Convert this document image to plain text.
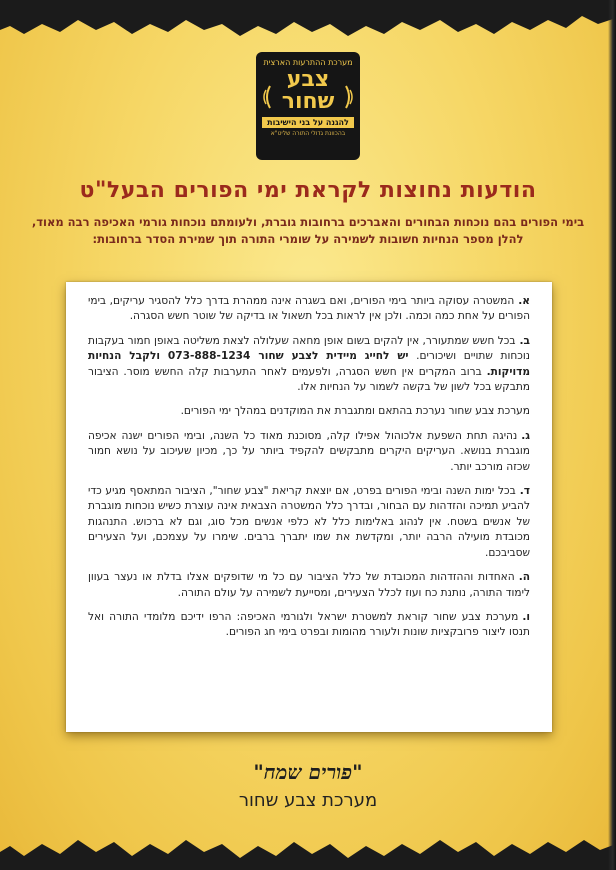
מערכת ההתרעות הארצית
צבע
שחור
להגנה על בני הישיבות
בהכוונת גדולי התורה שליט"א
הודעות נחוצות לקראת ימי הפורים הבעל"ט
בימי הפורים בהם נוכחות הבחורים והאברכים ברחובות גוברת, ולעומתם נוכחות גורמי האכיפה רבה מאוד, להלן מספר הנחיות חשובות לשמירה על שומרי התורה תוך שמירת הסדר ברחובות:
א.המשטרה עסוקה ביותר בימי הפורים, ואם בשגרה אינה ממהרת בדרך כלל להסגיר עריקים, בימי הפורים על אחת כמה וכמה. ולכן אין לראות בכל תשאול או בדיקה של שוטר חשש הסגרה.
ב.בכל חשש שמתעורר, אין להקים בשום אופן מחאה שעלולה לצאת משליטה באופן חמור בעקבות נוכחות שתויים ושיכורים. יש לחייג מיידית לצבע שחור 073-888-1234 ולקבל הנחיות מדויקות. ברוב המקרים אין חשש הסגרה, ולפעמים לאחר התערבות קלה החשש מוסר. הציבור מתבקש בכל לשון של בקשה לשמור על הנחיות אלו.
מערכת צבע שחור נערכת בהתאם ומתגברת את המוקדנים במהלך ימי הפורים.
ג.נהיגה תחת השפעת אלכוהול אפילו קלה, מסוכנת מאוד כל השנה, ובימי הפורים ישנה אכיפה מוגברת בנושא. העריקים היקרים מתבקשים להקפיד ביותר על כך, מכיון שעיכוב על נושא חמור שכזה מורכב יותר.
ד.בכל ימות השנה ובימי הפורים בפרט, אם יוצאת קריאת "צבע שחור", הציבור המתאסף מגיע כדי להביע תמיכה והזדהות עם הבחור, ובדרך כלל המשטרה הצבאית אינה עוצרת כשיש נוכחות מוגברת של אנשים בשטח. אין לנהוג באלימות כלל לא כלפי אנשים מכל סוג, וגם לא ברכוש. התנהגות מכובדת מועילה הרבה יותר, ומקדשת את שמו יתברך ברבים. שימרו על עצמכם, ועל הצעירים שסביבכם.
ה.האחדות וההזדהות המכובדת של כלל הציבור עם כל מי שדופקים אצלו בדלת או נעצר בעוון לימוד התורה, נותנת כח ועוז לכלל הצעירים, ומסייעת לשמירה על עולם התורה.
ו.מערכת צבע שחור קוראת למשטרת ישראל ולגורמי האכיפה: הרפו ידיכם מלומדי התורה ואל תנסו ליצור פרובקציות שונות ולעורר מהומות ובפרט בימי חג הפורים.
"פורים שמח"
מערכת צבע שחור
